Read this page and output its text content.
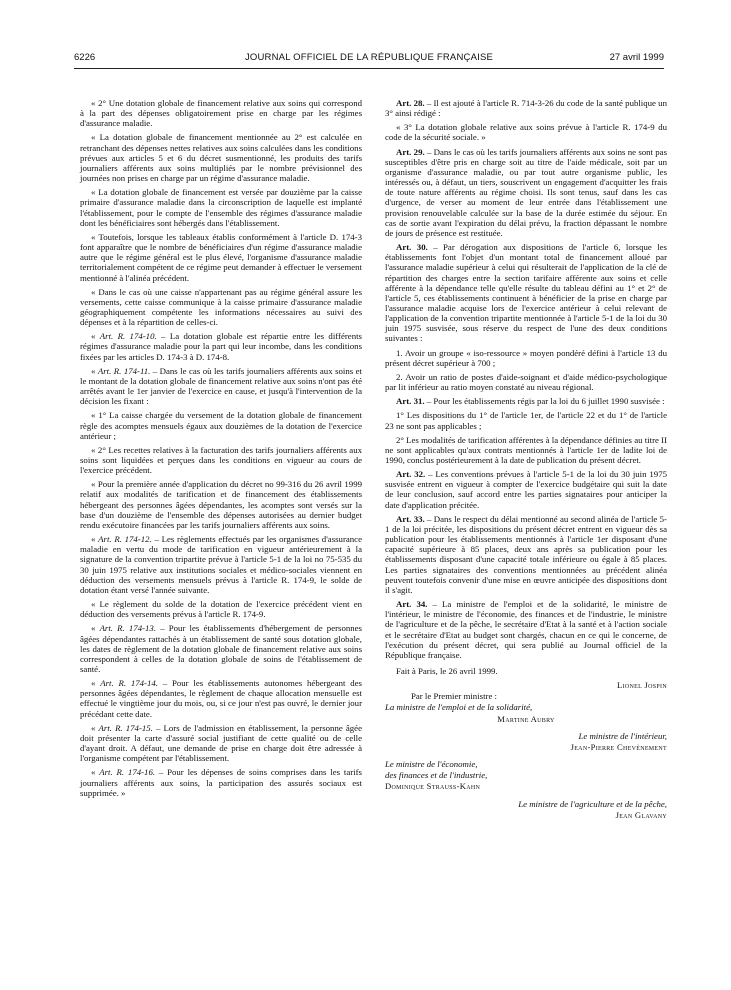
6226	JOURNAL OFFICIEL DE LA RÉPUBLIQUE FRANÇAISE	27 avril 1999

« 2° Une dotation globale de financement relative aux soins qui correspond à la part des dépenses obligatoirement prise en charge par les régimes d'assurance maladie.

« La dotation globale de financement mentionnée au 2° est calculée en retranchant des dépenses nettes relatives aux soins calculées dans les conditions prévues aux articles 5 et 6 du décret susmentionné, les produits des tarifs journaliers afférents aux soins multipliés par le nombre prévisionnel des journées non prises en charge par un régime d'assurance maladie.

« La dotation globale de financement est versée par douzième par la caisse primaire d'assurance maladie dans la circonscription de laquelle est implanté l'établissement, pour le compte de l'ensemble des régimes d'assurance maladie dont les bénéficiaires sont hébergés dans l'établissement.

« Toutefois, lorsque les tableaux établis conformément à l'article D. 174-3 font apparaître que le nombre de bénéficiaires d'un régime d'assurance maladie autre que le régime général est le plus élevé, l'organisme d'assurance maladie territorialement compétent de ce régime peut demander à effectuer le versement mentionné à l'alinéa précédent.

« Dans le cas où une caisse n'appartenant pas au régime général assure les versements, cette caisse communique à la caisse primaire d'assurance maladie géographiquement compétente les informations nécessaires au suivi des dépenses et à la répartition de celles-ci.

« Art. R. 174-10. – La dotation globale est répartie entre les différents régimes d'assurance maladie pour la part qui leur incombe, dans les conditions fixées par les articles D. 174-3 à D. 174-8.

« Art. R. 174-11. – Dans le cas où les tarifs journaliers afférents aux soins et le montant de la dotation globale de financement relative aux soins n'ont pas été arrêtés avant le 1er janvier de l'exercice en cause, et jusqu'à l'intervention de la décision les fixant :

« 1° La caisse chargée du versement de la dotation globale de financement règle des acomptes mensuels égaux aux douzièmes de la dotation de l'exercice antérieur ;

« 2° Les recettes relatives à la facturation des tarifs journaliers afférents aux soins sont liquidées et perçues dans les conditions en vigueur au cours de l'exercice précédent.

« Pour la première année d'application du décret no 99-316 du 26 avril 1999 relatif aux modalités de tarification et de financement des établissements hébergeant des personnes âgées dépendantes, les acomptes sont versés sur la base d'un douzième de l'ensemble des dépenses autorisées au dernier budget rendu exécutoire financées par les tarifs journaliers afférents aux soins.

« Art. R. 174-12. – Les règlements effectués par les organismes d'assurance maladie en vertu du mode de tarification en vigueur antérieurement à la signature de la convention tripartite prévue à l'article 5-1 de la loi no 75-535 du 30 juin 1975 relative aux institutions sociales et médico-sociales viennent en déduction des versements mensuels prévus à l'article R. 174-9, le solde de dotation étant versé l'année suivante.

« Le règlement du solde de la dotation de l'exercice précédent vient en déduction des versements prévus à l'article R. 174-9.

« Art. R. 174-13. – Pour les établissements d'hébergement de personnes âgées dépendantes rattachés à un établissement de santé sous dotation globale, les dates de règlement de la dotation globale de financement relative aux soins correspondent à celles de la dotation globale de soins de l'établissement de santé.

« Art. R. 174-14. – Pour les établissements autonomes hébergeant des personnes âgées dépendantes, le règlement de chaque allocation mensuelle est effectué le vingtième jour du mois, ou, si ce jour n'est pas ouvré, le dernier jour précédant cette date.

« Art. R. 174-15. – Lors de l'admission en établissement, la personne âgée doit présenter la carte d'assuré social justifiant de cette qualité ou de celle d'ayant droit. A défaut, une demande de prise en charge doit être adressée à l'organisme compétent par l'établissement.

« Art. R. 174-16. – Pour les dépenses de soins comprises dans les tarifs journaliers afférents aux soins, la participation des assurés sociaux est supprimée. »

Art. 28. – Il est ajouté à l'article R. 714-3-26 du code de la santé publique un 3° ainsi rédigé :

« 3° La dotation globale relative aux soins prévue à l'article R. 174-9 du code de la sécurité sociale. »

Art. 29. – Dans le cas où les tarifs journaliers afférents aux soins ne sont pas susceptibles d'être pris en charge soit au titre de l'aide médicale, soit par un organisme d'assurance maladie, ou par tout autre organisme public, les intéressés ou, à défaut, un tiers, souscrivent un engagement d'acquitter les frais de toute nature afférents au régime choisi. Ils sont tenus, sauf dans les cas d'urgence, de verser au moment de leur entrée dans l'établissement une provision renouvelable calculée sur la base de la durée estimée du séjour. En cas de sortie avant l'expiration du délai prévu, la fraction dépassant le nombre de jours de présence est restituée.

Art. 30. – Par dérogation aux dispositions de l'article 6, lorsque les établissements font l'objet d'un montant total de financement alloué par l'assurance maladie supérieur à celui qui résulterait de l'application de la clé de répartition des charges entre la section tarifaire afférente aux soins et celle afférente à la dépendance telle qu'elle résulte du tableau défini au 1° et 2° de l'article 5, ces établissements continuent à bénéficier de la prise en charge par l'assurance maladie acquise lors de l'exercice antérieur à celui relevant de l'application de la convention tripartite mentionnée à l'article 5-1 de la loi du 30 juin 1975 susvisée, sous réserve du respect de l'une des deux conditions suivantes :

1. Avoir un groupe « iso-ressource » moyen pondéré défini à l'article 13 du présent décret supérieur à 700 ;

2. Avoir un ratio de postes d'aide-soignant et d'aide médico-psychologique par lit inférieur au ratio moyen constaté au niveau régional.

Art. 31. – Pour les établissements régis par la loi du 6 juillet 1990 susvisée :

1° Les dispositions du 1° de l'article 1er, de l'article 22 et du 1° de l'article 23 ne sont pas applicables ;

2° Les modalités de tarification afférentes à la dépendance définies au titre II ne sont applicables qu'aux contrats mentionnés à l'article 1er de ladite loi de 1990, conclus postérieurement à la date de publication du présent décret.

Art. 32. – Les conventions prévues à l'article 5-1 de la loi du 30 juin 1975 susvisée entrent en vigueur à compter de l'exercice budgétaire qui suit la date de leur conclusion, sauf accord entre les parties signataires pour anticiper la date d'application précitée.

Art. 33. – Dans le respect du délai mentionné au second alinéa de l'article 5-1 de la loi précitée, les dispositions du présent décret entrent en vigueur dès sa publication pour les établissements mentionnés à l'article 1er disposant d'une capacité supérieure à 85 places, deux ans après sa publication pour les établissements disposant d'une capacité totale inférieure ou égale à 85 places. Les parties signataires des conventions mentionnées au précédent alinéa peuvent toutefois convenir d'une mise en œuvre anticipée des dispositions dont il s'agit.

Art. 34. – La ministre de l'emploi et de la solidarité, le ministre de l'intérieur, le ministre de l'économie, des finances et de l'industrie, le ministre de l'agriculture et de la pêche, le secrétaire d'Etat à la santé et à l'action sociale et le secrétaire d'Etat au budget sont chargés, chacun en ce qui le concerne, de l'exécution du présent décret, qui sera publié au Journal officiel de la République française.

Fait à Paris, le 26 avril 1999.

Lionel Jospin

Par le Premier ministre :

La ministre de l'emploi et de la solidarité,

Martine Aubry

Le ministre de l'intérieur,

Jean-Pierre Chevènement

Le ministre de l'économie,

des finances et de l'industrie,

Dominique Strauss-Kahn

Le ministre de l'agriculture et de la pêche,

Jean Glavany
